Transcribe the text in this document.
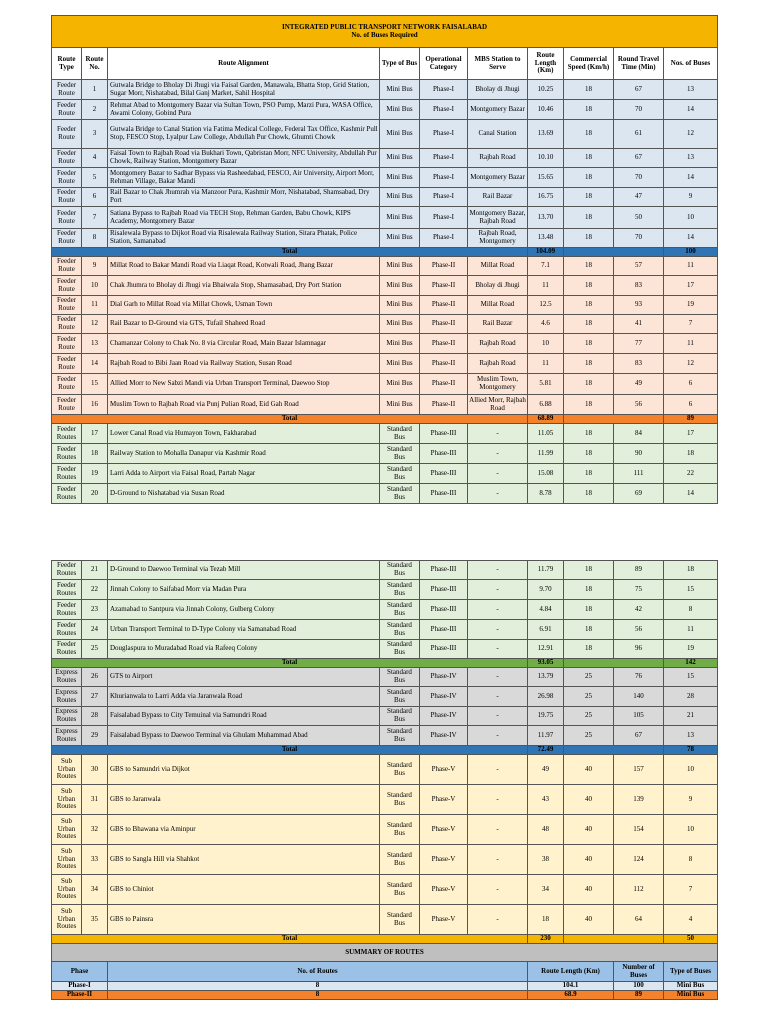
INTEGRATED PUBLIC TRANSPORT NETWORK FAISALABAD
No. of Buses Required									

Route Type	Route No.	Route Alignment	Type of Bus	Operational Category	MBS Station to Serve	Route Length (Km)	Commercial Speed (Km/h)	Round Travel Time (Min)	Nos. of Buses
Feeder Route	1	Gutwala Bridge to Bholay Di Jhugi via Faisal Garden, Manawala, Bhatta Stop, Grid Station, Sugar Morr, Nishatabad, Bilal Ganj Market, Sahil Hospital	Mini Bus	Phase-I	Bholay di Jhugi	10.25	18	67	13
Feeder Route	2	Rehmat Abad to Montgomery Bazar via Sultan Town, PSO Pump, Marzi Pura, WASA Office, Awami Colony, Gobind Pura	Mini Bus	Phase-I	Montgomery Bazar	10.46	18	70	14
Feeder Route	3	Gutwala Bridge to Canal Station via Fatima Medical College, Federal Tax Office, Kashmir Pull Stop, FESCO Stop, Lyalpur Law College, Abdullah Pur Chowk, Ghumti Chowk	Mini Bus	Phase-I	Canal Station	13.69	18	61	12
Feeder Route	4	Faisal Town to Rajbah Road via Bukhari Town, Qabristan Morr, NFC University, Abdullah Pur Chowk, Railway Station, Montgomery Bazar	Mini Bus	Phase-I	Rajbah Road	10.10	18	67	13
Feeder Route	5	Montgomery Bazar to Sadhar Bypass via Rasheedabad, FESCO, Air University, Airport Morr, Rehman Village, Bakar Mandi	Mini Bus	Phase-I	Montgomery Bazar	15.65	18	70	14
Feeder Route	6	Rail Bazar to Chak Jhumrah via Manzoor Pura, Kashmir Morr, Nishatabad, Shamsabad, Dry Port	Mini Bus	Phase-I	Rail Bazar	16.75	18	47	9
Feeder Route	7	Satiana Bypass to Rajbah Road via TECH Stop, Rehman Garden, Babu Chowk, KIPS Academy, Montgomery Bazar	Mini Bus	Phase-I	Montgomery Bazar, Rajbah Road	13.70	18	50	10
Feeder Route	8	Risalewala Bypass to Dijkot Road via Risalewala Railway Station, Sitara Phatak, Police Station, Samanabad	Mini Bus	Phase-I	Rajbah Road, Montgomery	13.48	18	70	14
Total						104.09			100
Feeder Route	9	Millat Road to Bakar Mandi Road via Liaqat Road, Kotwali Road, Jhang Bazar	Mini Bus	Phase-II	Millat Road	7.1	18	57	11
Feeder Route	10	Chak Jhumra to Bholay di Jhugi via Bhaiwala Stop, Shamasabad, Dry Port Station	Mini Bus	Phase-II	Bholay di Jhugi	11	18	83	17
Feeder Route	11	Dial Garh to Millat Road via Millat Chowk, Usman Town	Mini Bus	Phase-II	Millat Road	12.5	18	93	19
Feeder Route	12	Rail Bazar to D-Ground via GTS, Tufail Shaheed Road	Mini Bus	Phase-II	Rail Bazar	4.6	18	41	7
Feeder Route	13	Chamanzar Colony to Chak No. 8 via Circular Road, Main Bazar Islamnagar	Mini Bus	Phase-II	Rajbah Road	10	18	77	11
Feeder Route	14	Rajbah Road to Bibi Jaan Road via Railway Station, Susan Road	Mini Bus	Phase-II	Rajbah Road	11	18	83	12
Feeder Route	15	Allied Morr to New Sabzi Mandi via Urban Transport Terminal, Daewoo Stop	Mini Bus	Phase-II	Muslim Town, Montgomery	5.81	18	49	6
Feeder Route	16	Muslim Town to Rajbah Road via Punj Pulian Road, Eid Gah Road	Mini Bus	Phase-II	Allied Morr, Rajbah Road	6.88	18	56	6
Total						68.89			89
Feeder Routes	17	Lower Canal Road via Humayon Town, Fakharabad	Standard Bus	Phase-III	-	11.05	18	84	17
Feeder Routes	18	Railway Station to Mohalla Danapur via Kashmir Road	Standard Bus	Phase-III	-	11.99	18	90	18
Feeder Routes	19	Larri Adda to Airport via Faisal Road, Partab Nagar	Standard Bus	Phase-III	-	15.08	18	111	22
Feeder Routes	20	D-Ground to Nishatabad via Susan Road	Standard Bus	Phase-III	-	8.78	18	69	14
Feeder Routes	21	D-Ground to Daewoo Terminal via Tezab Mill	Standard Bus	Phase-III	-	11.79	18	89	18
Feeder Routes	22	Jinnah Colony to Saifabad Morr via Madan Pura	Standard Bus	Phase-III	-	9.70	18	75	15
Feeder Routes	23	Azamabad to Santpura via Jinnah Colony, Gulberg Colony	Standard Bus	Phase-III	-	4.84	18	42	8
Feeder Routes	24	Urban Transport Terminal to D-Type Colony via Samanabad Road	Standard Bus	Phase-III	-	6.91	18	56	11
Feeder Routes	25	Douglaspura to Muradabad Road via Rafeeq Colony	Standard Bus	Phase-III	-	12.91	18	96	19
Total						93.05			142
Express Routes	26	GTS to Airport	Standard Bus	Phase-IV	-	13.79	25	76	15
Express Routes	27	Khurianwala to Larri Adda via Jaranwala Road	Standard Bus	Phase-IV	-	26.98	25	140	28
Express Routes	28	Faisalabad Bypass to City Temuinal via Samundri Road	Standard Bus	Phase-IV	-	19.75	25	105	21
Express Routes	29	Faisalabad Bypass to Daewoo Terminal via Ghulam Muhammad Abad	Standard Bus	Phase-IV	-	11.97	25	67	13
Total						72.49			78
Sub Urban Routes	30	GBS to Samundri via Dijkot	Standard Bus	Phase-V	-	49	40	157	10
Sub Urban Routes	31	GBS to Jaranwala	Standard Bus	Phase-V	-	43	40	139	9
Sub Urban Routes	32	GBS to Bhawana via Aminpur	Standard Bus	Phase-V	-	48	40	154	10
Sub Urban Routes	33	GBS to Sangla Hill via Shahkot	Standard Bus	Phase-V	-	38	40	124	8
Sub Urban Routes	34	GBS to Chiniot	Standard Bus	Phase-V	-	34	40	112	7
Sub Urban Routes	35	GBS to Painsra	Standard Bus	Phase-V	-	18	40	64	4
Total						230			50
SUMMARY OF ROUTES									
Phase		No. of Routes				Route Length (Km)		Number of Buses	Type of Buses
Phase-I		8				104.1		100	Mini Bus
Phase-II		8				68.9		89	Mini Bus
